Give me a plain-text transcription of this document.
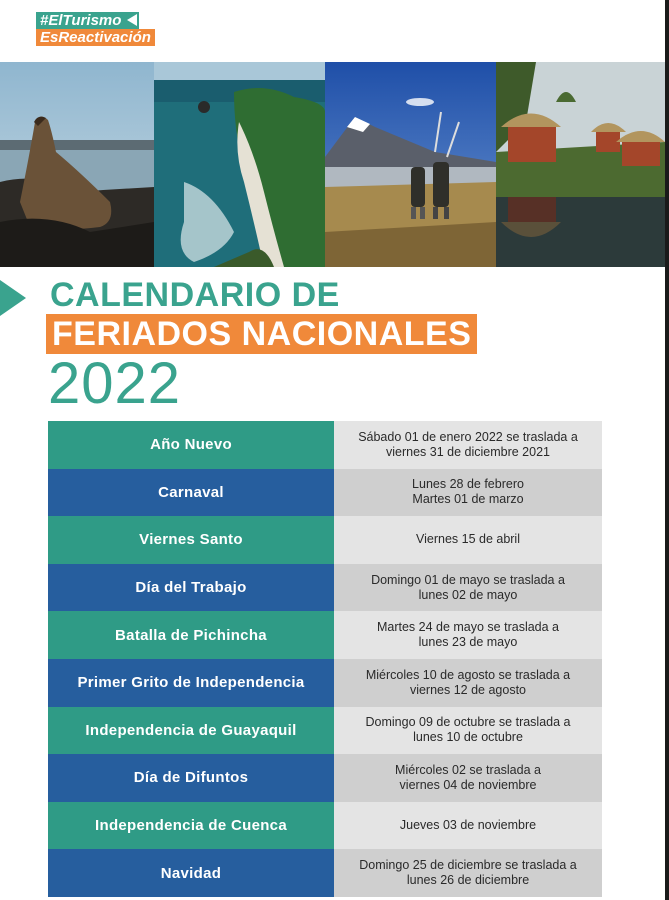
#ElTurismo
EsReactivación
CALENDARIO DE
FERIADOS NACIONALES
2022
Año Nuevo	Sábado 01 de enero 2022 se traslada a
viernes 31 de diciembre 2021
Carnaval	Lunes 28 de febrero
Martes 01 de marzo
Viernes Santo	Viernes 15 de abril
Día del Trabajo	Domingo 01 de mayo se traslada a
lunes 02 de mayo
Batalla de Pichincha	Martes 24 de mayo se traslada a
lunes 23 de mayo
Primer Grito de Independencia	Miércoles 10 de agosto se traslada a
viernes 12 de agosto
Independencia de Guayaquil	Domingo 09 de octubre se traslada a
lunes 10 de octubre
Día de Difuntos	Miércoles 02 se traslada a
viernes 04 de noviembre
Independencia de Cuenca	Jueves 03 de noviembre
Navidad	Domingo 25 de diciembre se traslada a
lunes 26 de diciembre
